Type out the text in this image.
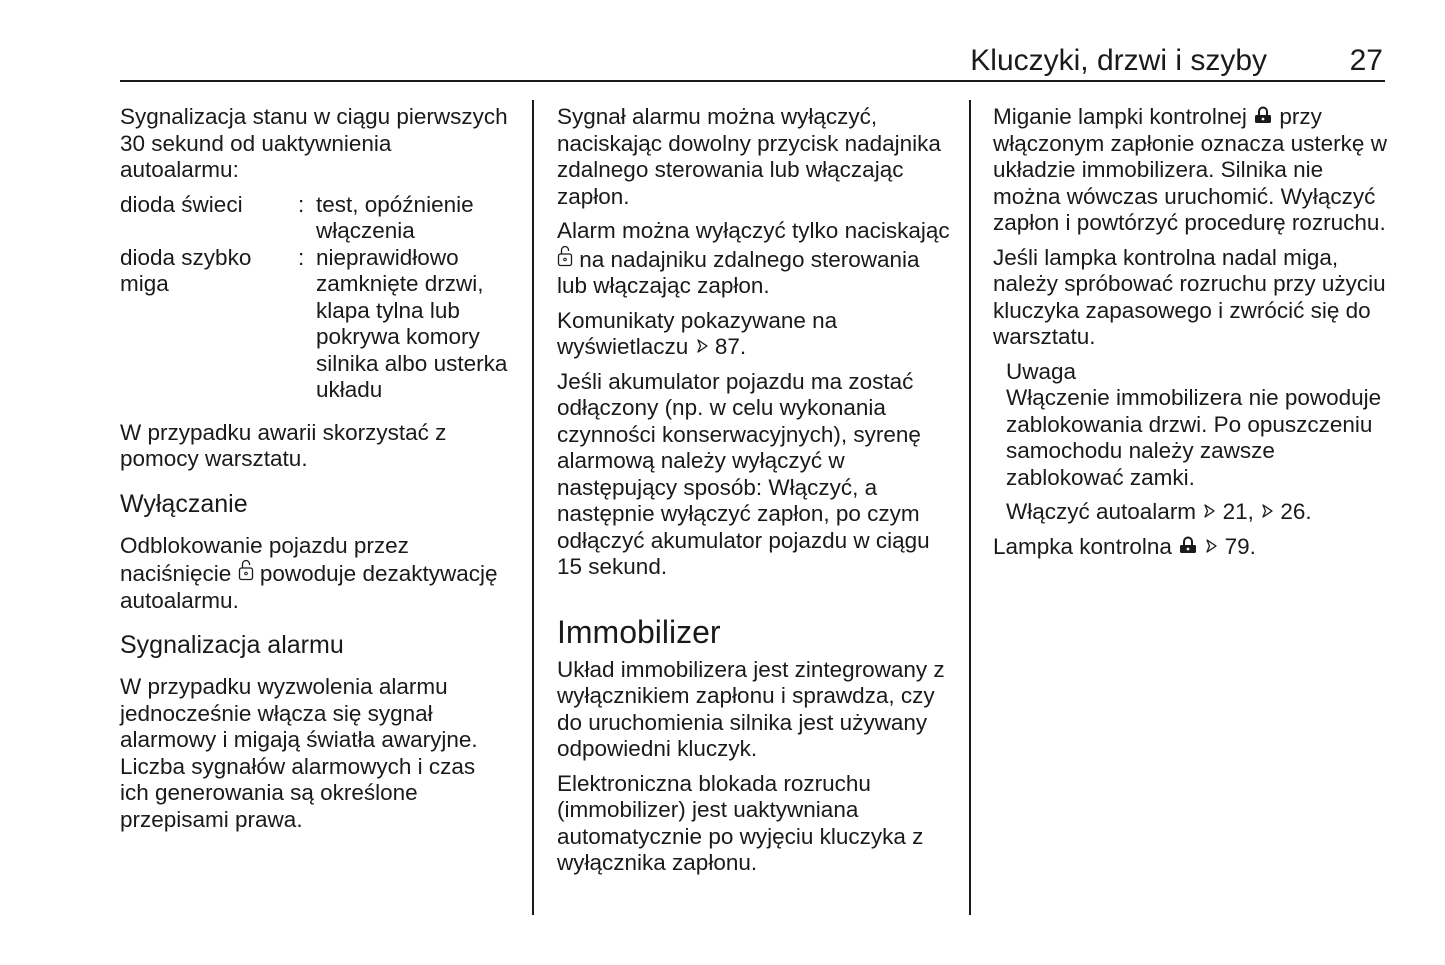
Kluczyki, drzwi i szyby	27

Sygnalizacja stanu w ciągu pierwszych 30 sekund od uaktywnienia autoalarmu:

dioda świeci	: test, opóźnienie włączenia
dioda szybko miga
: nieprawidłowo zamknięte drzwi, klapa tylna lub pokrywa komory silnika albo usterka układu

W przypadku awarii skorzystać z pomocy warsztatu.

Wyłączanie

Odblokowanie pojazdu przez naciśnięcie powoduje dezaktywację autoalarmu.

Sygnalizacja alarmu

W przypadku wyzwolenia alarmu jednocześnie włącza się sygnał alarmowy i migają światła awaryjne. Liczba sygnałów alarmowych i czas ich generowania są określone przepisami prawa.

Sygnał alarmu można wyłączyć, naciskając dowolny przycisk nadajnika zdalnego sterowania lub włączając zapłon.

Alarm można wyłączyć tylko naciskając  na nadajniku zdalnego sterowania lub włączając zapłon.

Komunikaty pokazywane na wyświetlaczu 87.

Jeśli akumulator pojazdu ma zostać odłączony (np. w celu wykonania czynności konserwacyjnych), syrenę alarmową należy wyłączyć w następujący sposób: Włączyć, a następnie wyłączyć zapłon, po czym odłączyć akumulator pojazdu w ciągu 15 sekund.

Immobilizer

Układ immobilizera jest zintegrowany z wyłącznikiem zapłonu i sprawdza, czy do uruchomienia silnika jest używany odpowiedni kluczyk.

Elektroniczna blokada rozruchu (immobilizer) jest uaktywniana automatycznie po wyjęciu kluczyka z wyłącznika zapłonu.

Miganie lampki kontrolnej przy włączonym zapłonie oznacza usterkę w układzie immobilizera. Silnika nie można wówczas uruchomić. Wyłączyć zapłon i powtórzyć procedurę rozruchu.

Jeśli lampka kontrolna nadal miga, należy spróbować rozruchu przy użyciu kluczyka zapasowego i zwrócić się do warsztatu.

Uwaga

Włączenie immobilizera nie powoduje zablokowania drzwi. Po opuszczeniu samochodu należy zawsze zablokować zamki.

Włączyć autoalarm 21, 26.

Lampka kontrolna 79.
